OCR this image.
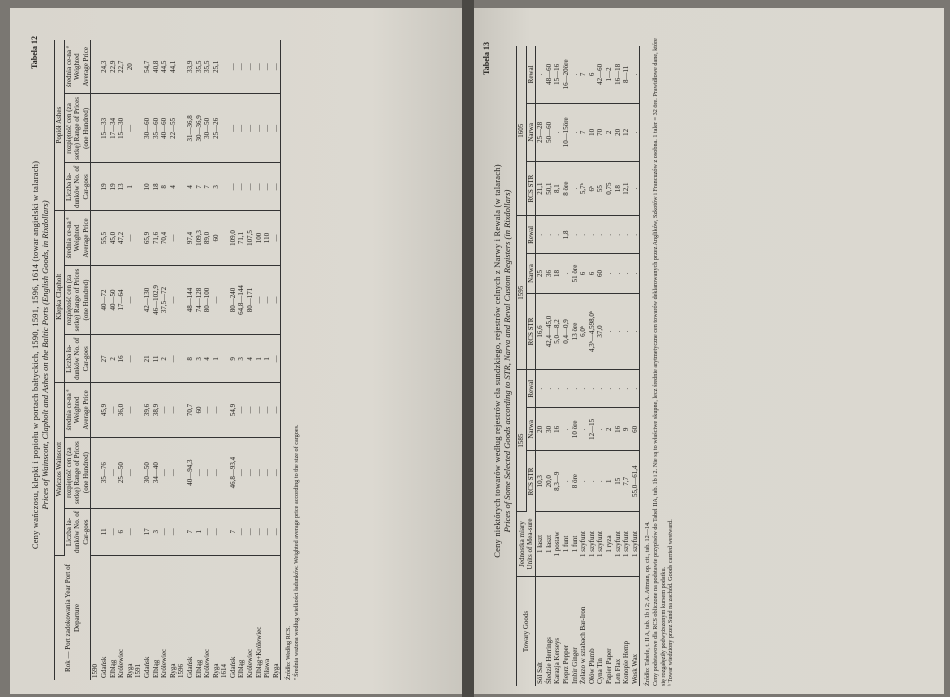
Tabela 12
Ceny wańczosu, klepki i popiołu w portach bałtyckich, 1590, 1591, 1596, 1614 (towar angielski w talarach) Prices of Wainscott, Clapholt and Ashes on the Baltic Ports (English Goods, in Rixdollars)
Rok — Port zadokowania Year Port of Departure	Wańczos Wainscott			Klepka Clapholt			Popiół Ashes		
	Liczba ła-dunków No. of Car-goes	rozpiętość cen (za setkę) Range of Prices (one Hundred)	średnia ce-na ª Weighted Average Price	Liczba ła-dunków No. of Car-goes	rozpiętość cen (za setkę) Range of Prices (one Hundred)	średnia ce-na ª Weighted Average Price	Liczba ła-dunków No. of Car-goes	rozpiętość cen (za setkę) Range of Prices (one Hundred)	średnia ce-na ª Weighted Average Price
1590									
Gdańsk	11	35—76	45,9	27	40—72	55,5	19	15—33	24,3
Elbląg	—	—	—	2	40—50	45,0	19	17—34	22,9
Królewiec	6	25—50	36,0	16	17—64	47,2	13	15—30	22,7
Ryga	—	—	—	—	—	—	1	—	20
1591									
Gdańsk	17	30—50	39,6	21	42—130	65,9	10	30—60	54,7
Elbląg	3	34—40	38,9	11	46—102,9	71,6	18	35—60	40,8
Królewiec	—	—	—	2	37,5—72	70,4	8	40—60	44,5
Ryga	—	—	—	—	—	—	4	22—55	44,1
1596									
Gdańsk	7	40—94,3	70,7	8	48—144	97,4	4	31—36,8	33,9
Elbląg	1	—	60	3	74—128	109,3	7	30—36,9	35,5
Królewiec	—	—	—	4	80—100	89,0	7	30—50	35,5
Ryga	—	—	—	1	—	60	3	25—26	25,1
1614									
Gdańsk	7	46,8—93,4	54,9	9	80—240	109,0	—	—	—
Elbląg	—	—	—	3	64,8—144	71,1	—	—	—
Królewiec	—	—	—	4	80—171	107,5	—	—	—
Elbląg+Królewiec	—	—	—	1	—	100	—	—	—
Piława	—	—	—	1	—	110	—	—	—
Ryga	—	—	—	—	—	—	—	—	—
Źródło: Według RCS. ª Średnia ważona według wielkości ładunków. Weighted average price according to the size of cargoes.
Tabela 13
Ceny niektórych towarów według rejestrów cła sundzkiego, rejestrów celnych z Narwy i Rewala (w talarach) Prices of Some Selected Goods according to STR, Narva and Reval Custom Registers (in Rixdollars)
Towary Goods	Jednostka miary Units of Mea-sure	1585			1595			1605		
		RCS STR	Narwa	Rewal	RCS STR	Narwa	Rewal	RCS STR	Narwa	Rewal
Sól Salt	1 łaszt	10,3	20	.	16,6	25	.	21,1	25—28	.
Śledzie Herrings	1 łaszt	20,0	30	.	42,4—45,0	36	.	50,1	50—60	48—60
Karazja Kerseys	1 postaw	8,3—9	16	.	5,0—8,2	18	.	8,1	.	15—16
Pieprz Pepper	1 funt	.	.	.	0,4—0,9	.	1,8	8 öre	10—15öre	16—20öre
Imbir Ginger	1 funt	8 öre	10 öre	.	13 öre	51 öre	.	.	.	.
Żelazo w sztabach Bar-Iron	1 szyfunt	.	.	.	6,0ᵇ	6	.	5,7ᵇ	7	7
Ołów Plumb	1 szyfunt	.	12—15	.	4,3ᵇ—4,598,0ᵇ	6	.	6ᵇ	10	6
Cyna Tin	1 szyfunt	.	.	.	37,0	60	.	55	70	42—60
Papier Paper	1 ryza	1	2	.	.	.	.	0,75	2	1—2
Len Flax	1 szyfunt	15	16	.	.	.	.	18	20	16—18
Konopie Hemp	1 szyfunt	7,7	9	.	.	.	.	12,1	12	8—11
Wosk Wax	1 szyfunt	55,0—61,4	60	.	.	.	.	.	.	.
Źródło: Tabele, t. II A, tab. 1b i 2; A. Attman, op. cit., tab. 12—14. Ceny podstawowe dla RCS obliczone na podstawie przypisów do Tabel IIA, tab. 1b i 2. Nie są to właściwe skupne, lecz średnie arytmetyczne cen towarów deklarowanych przez Anglików, Szkotów i Francuzów z osobna. 1 taler = 32 öre. Prawidłowe dane, które się rozgałęziły podwyższonym kursem podatku. ᵇ Towar wiedziony przez Sund na zachód. Goods carried westward.
